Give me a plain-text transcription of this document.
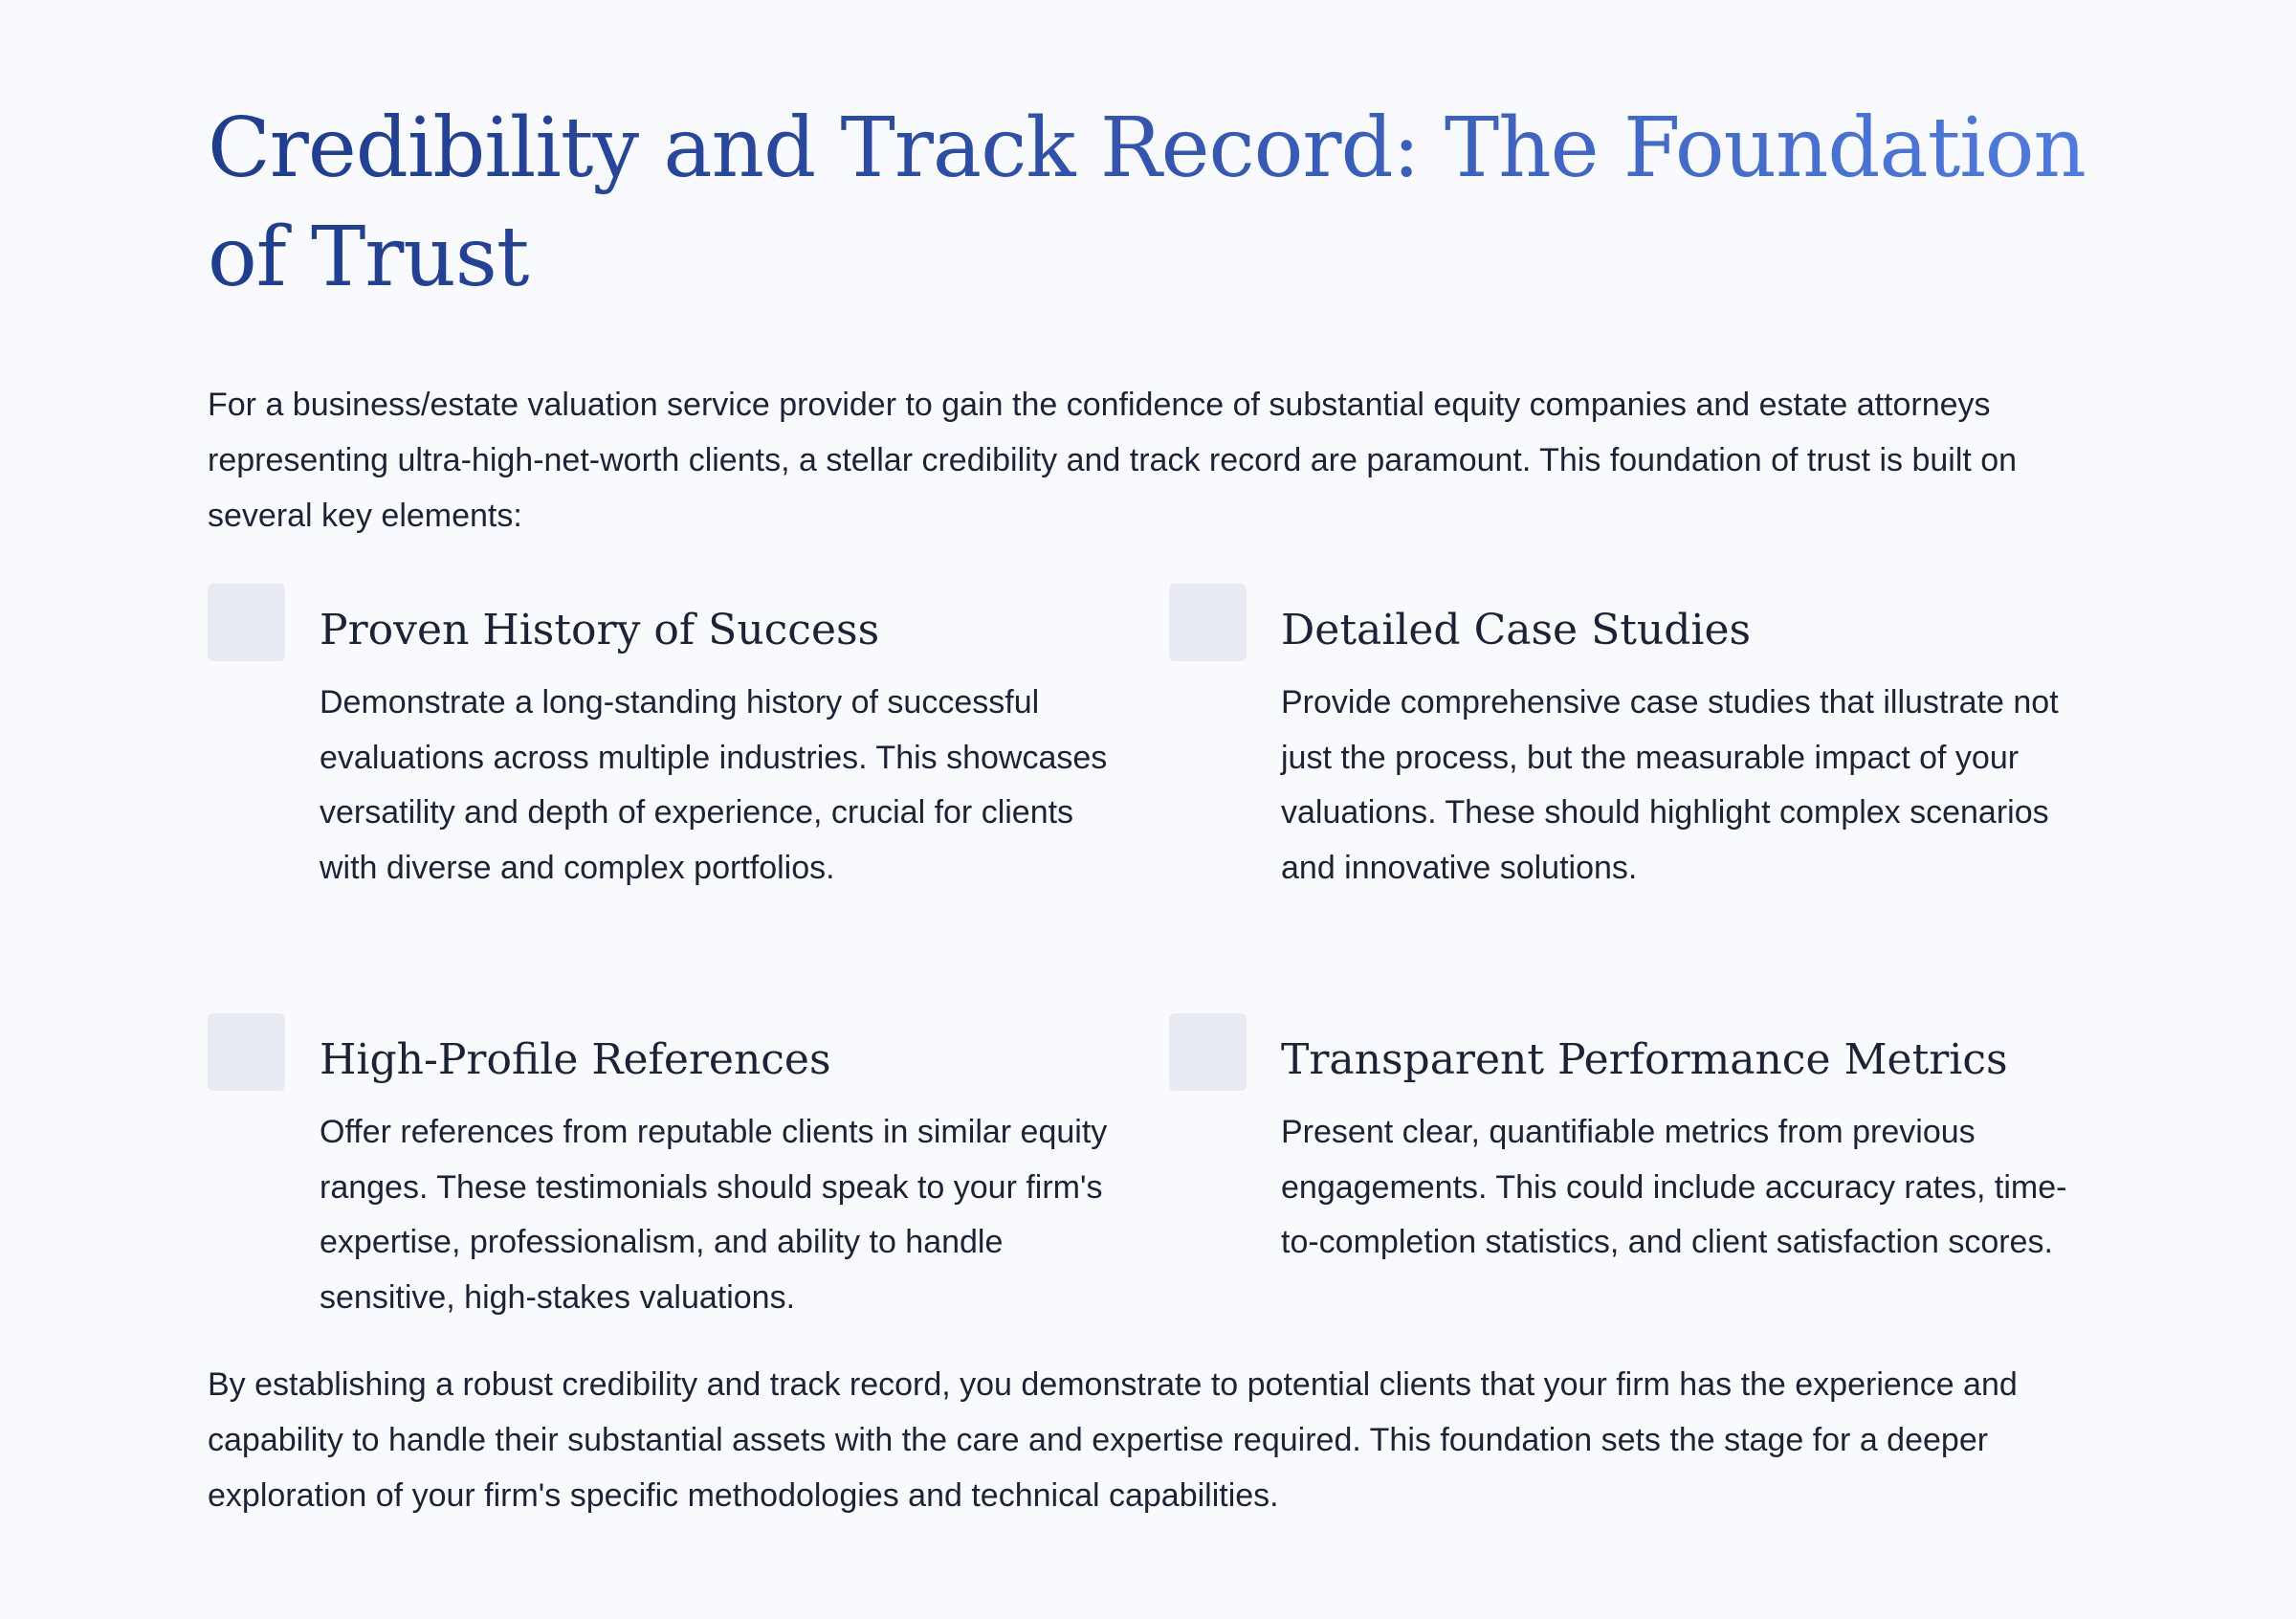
Credibility and Track Record: The Foundation of Trust

For a business/estate valuation service provider to gain the confidence of substantial equity companies and estate attorneys representing ultra-high-net-worth clients, a stellar credibility and track record are paramount. This foundation of trust is built on several key elements:

Proven History of Success

Demonstrate a long-standing history of successful evaluations across multiple industries. This showcases versatility and depth of experience, crucial for clients with diverse and complex portfolios.

Detailed Case Studies

Provide comprehensive case studies that illustrate not just the process, but the measurable impact of your valuations. These should highlight complex scenarios and innovative solutions.

High-Profile References

Offer references from reputable clients in similar equity ranges. These testimonials should speak to your firm's expertise, professionalism, and ability to handle sensitive, high-stakes valuations.

Transparent Performance Metrics

Present clear, quantifiable metrics from previous engagements. This could include accuracy rates, time-to-completion statistics, and client satisfaction scores.

By establishing a robust credibility and track record, you demonstrate to potential clients that your firm has the experience and capability to handle their substantial assets with the care and expertise required. This foundation sets the stage for a deeper exploration of your firm's specific methodologies and technical capabilities.
